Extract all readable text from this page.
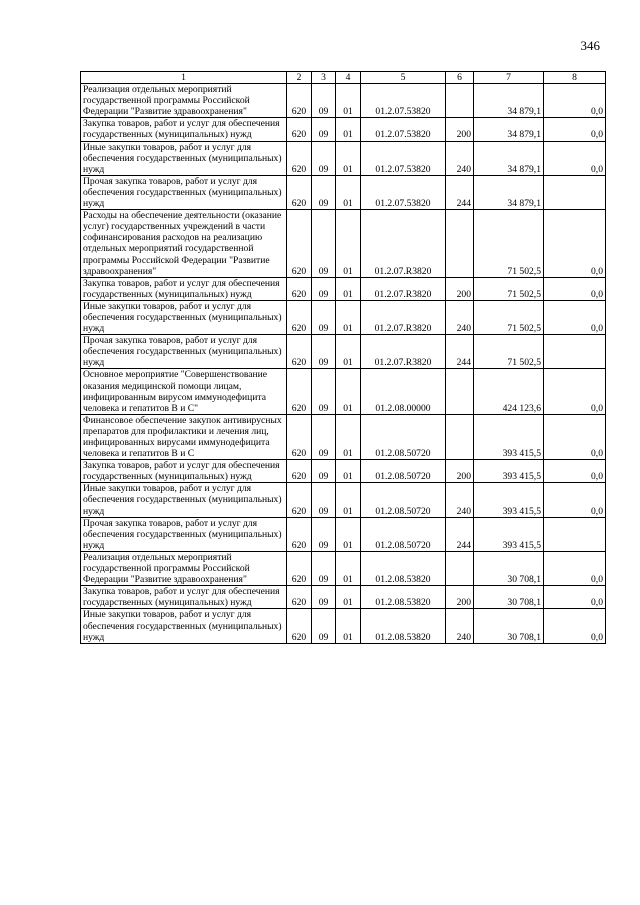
346
1	2	3	4	5	6	7	8
Реализация отдельных мероприятий государственной программы Российской Федерации "Развитие здравоохранения"	620	09	01	01.2.07.53820		34 879,1	0,0
Закупка товаров, работ и услуг для обеспечения государственных (муниципальных) нужд	620	09	01	01.2.07.53820	200	34 879,1	0,0
Иные закупки товаров, работ и услуг для обеспечения государственных (муниципальных) нужд	620	09	01	01.2.07.53820	240	34 879,1	0,0
Прочая закупка товаров, работ и услуг для обеспечения государственных (муниципальных) нужд	620	09	01	01.2.07.53820	244	34 879,1	
Расходы на обеспечение деятельности (оказание услуг) государственных учреждений в части софинансирования расходов на реализацию отдельных мероприятий государственной программы Российской Федерации "Развитие здравоохранения"	620	09	01	01.2.07.R3820		71 502,5	0,0
Закупка товаров, работ и услуг для обеспечения государственных (муниципальных) нужд	620	09	01	01.2.07.R3820	200	71 502,5	0,0
Иные закупки товаров, работ и услуг для обеспечения государственных (муниципальных) нужд	620	09	01	01.2.07.R3820	240	71 502,5	0,0
Прочая закупка товаров, работ и услуг для обеспечения государственных (муниципальных) нужд	620	09	01	01.2.07.R3820	244	71 502,5	
Основное мероприятие "Совершенствование оказания медицинской помощи лицам, инфицированным вирусом иммунодефицита человека и гепатитов В и С"	620	09	01	01.2.08.00000		424 123,6	0,0
Финансовое обеспечение закупок антивирусных препаратов для профилактики и лечения лиц, инфицированных вирусами иммунодефицита человека и гепатитов В и С	620	09	01	01.2.08.50720		393 415,5	0,0
Закупка товаров, работ и услуг для обеспечения государственных (муниципальных) нужд	620	09	01	01.2.08.50720	200	393 415,5	0,0
Иные закупки товаров, работ и услуг для обеспечения государственных (муниципальных) нужд	620	09	01	01.2.08.50720	240	393 415,5	0,0
Прочая закупка товаров, работ и услуг для обеспечения государственных (муниципальных) нужд	620	09	01	01.2.08.50720	244	393 415,5	
Реализация отдельных мероприятий государственной программы Российской Федерации "Развитие здравоохранения"	620	09	01	01.2.08.53820		30 708,1	0,0
Закупка товаров, работ и услуг для обеспечения государственных (муниципальных) нужд	620	09	01	01.2.08.53820	200	30 708,1	0,0
Иные закупки товаров, работ и услуг для обеспечения государственных (муниципальных) нужд	620	09	01	01.2.08.53820	240	30 708,1	0,0
